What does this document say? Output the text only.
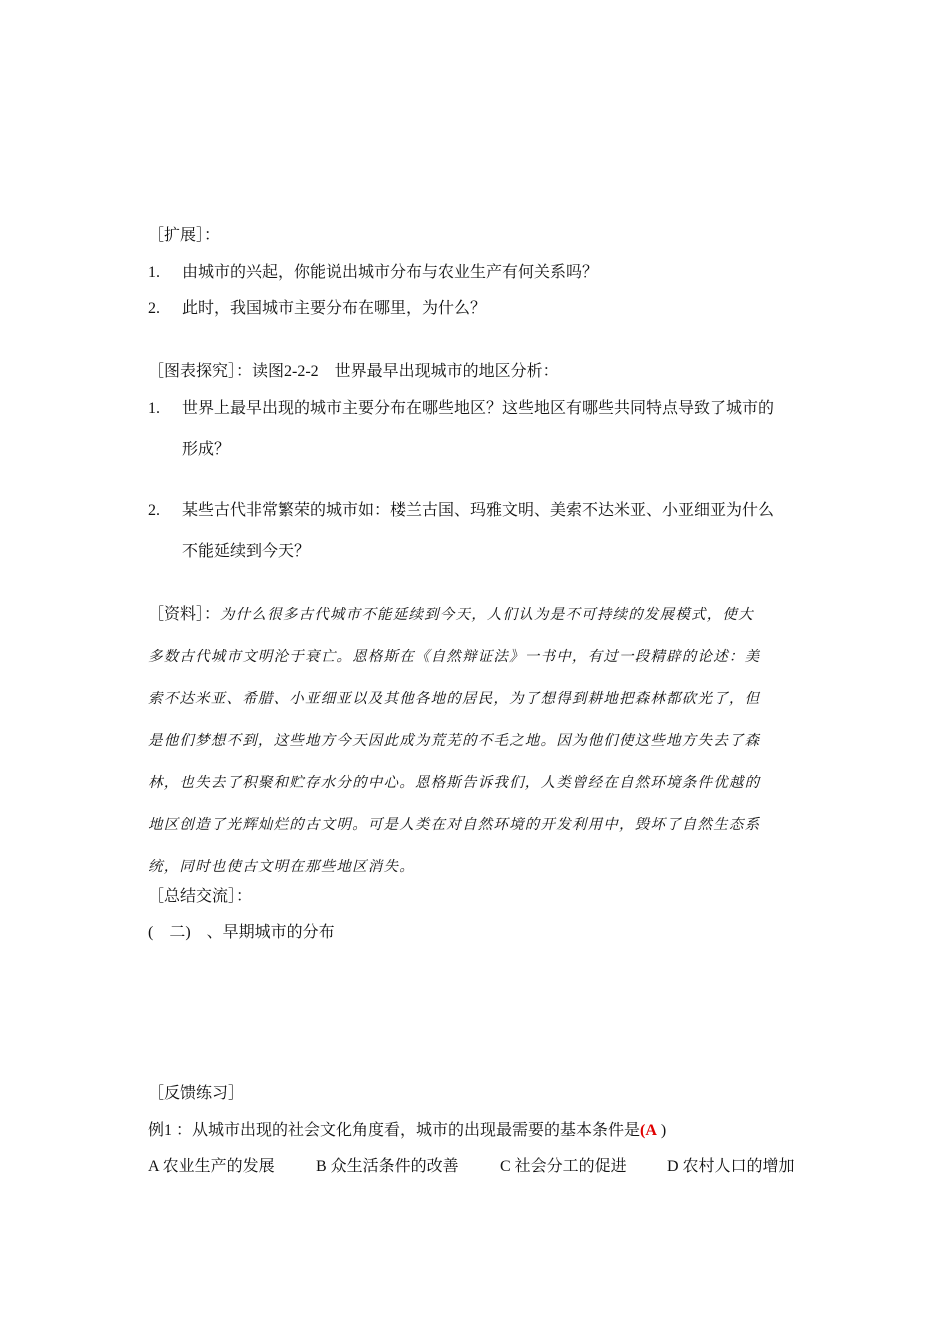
［扩展］：
1. 由城市的兴起，你能说出城市分布与农业生产有何关系吗？
2. 此时，我国城市主要分布在哪里，为什么？
［图表探究］：读图2-2-2　世界最早出现城市的地区分析：
1. 世界上最早出现的城市主要分布在哪些地区？这些地区有哪些共同特点导致了城市的
形成？
2. 某些古代非常繁荣的城市如：楼兰古国、玛雅文明、美索不达米亚、小亚细亚为什么
不能延续到今天？
［资料］：为什么很多古代城市不能延续到今天，人们认为是不可持续的发展模式，使大
多数古代城市文明沦于衰亡。恩格斯在《自然辩证法》一书中，有过一段精辟的论述：美
索不达米亚、希腊、小亚细亚以及其他各地的居民，为了想得到耕地把森林都砍光了，但
是他们梦想不到，这些地方今天因此成为荒芜的不毛之地。因为他们使这些地方失去了森
林，也失去了积聚和贮存水分的中心。恩格斯告诉我们，人类曾经在自然环境条件优越的
地区创造了光辉灿烂的古文明。可是人类在对自然环境的开发利用中，毁坏了自然生态系
统，同时也使古文明在那些地区消失。
［总结交流］：
(　二)　、早期城市的分布
［反馈练习］
例1 ：从城市出现的社会文化角度看，城市的出现最需要的基本条件是(A )
A 农业生产的发展	B 众生活条件的改善	C 社会分工的促进	D 农村人口的增加
